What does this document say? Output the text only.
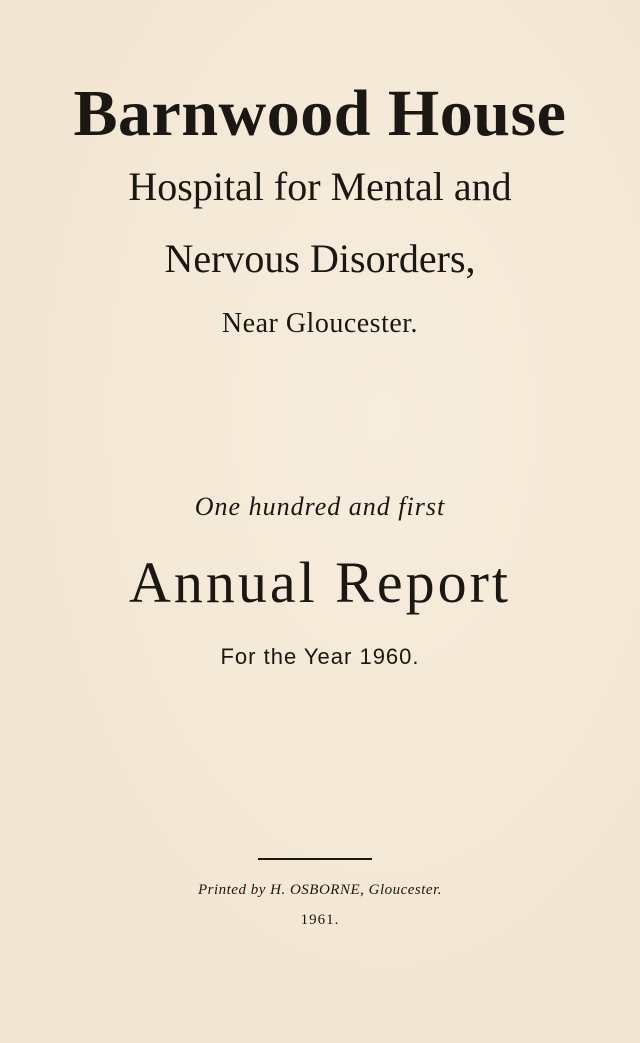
Barnwood House
Hospital for Mental and
Nervous Disorders,
Near Gloucester.
One hundred and first
Annual Report
For the Year 1960.
Printed by H. OSBORNE, Gloucester.
1961.
